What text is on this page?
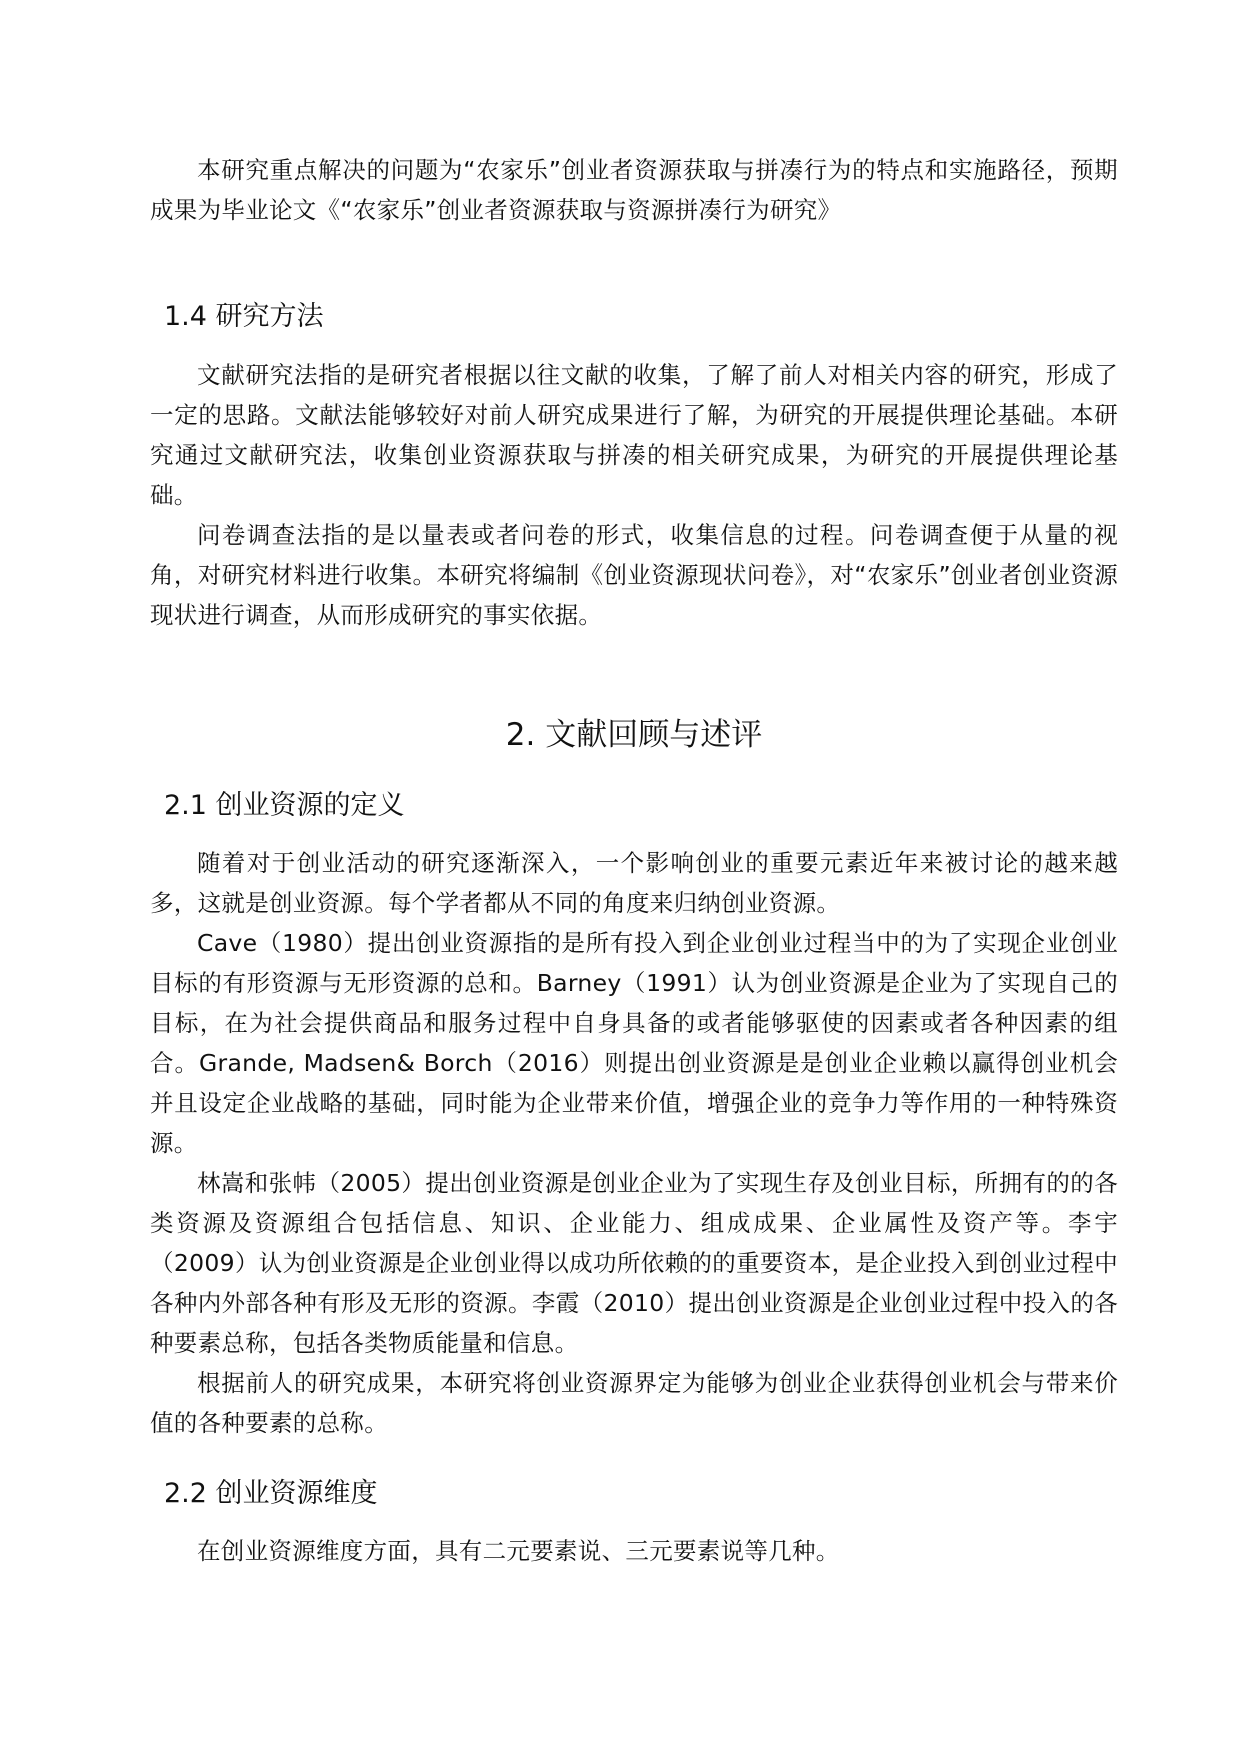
本研究重点解决的问题为“农家乐”创业者资源获取与拼凑行为的特点和实施路径，预期成果为毕业论文《“农家乐”创业者资源获取与资源拼凑行为研究》

1.4 研究方法

文献研究法指的是研究者根据以往文献的收集，了解了前人对相关内容的研究，形成了一定的思路。文献法能够较好对前人研究成果进行了解，为研究的开展提供理论基础。本研究通过文献研究法，收集创业资源获取与拼凑的相关研究成果，为研究的开展提供理论基础。

问卷调查法指的是以量表或者问卷的形式，收集信息的过程。问卷调查便于从量的视角，对研究材料进行收集。本研究将编制《创业资源现状问卷》，对“农家乐”创业者创业资源现状进行调查，从而形成研究的事实依据。

2. 文献回顾与述评
2.1 创业资源的定义

随着对于创业活动的研究逐渐深入，一个影响创业的重要元素近年来被讨论的越来越多，这就是创业资源。每个学者都从不同的角度来归纳创业资源。

Cave（1980）提出创业资源指的是所有投入到企业创业过程当中的为了实现企业创业目标的有形资源与无形资源的总和。Barney（1991）认为创业资源是企业为了实现自己的目标，在为社会提供商品和服务过程中自身具备的或者能够驱使的因素或者各种因素的组合。Grande, Madsen& Borch（2016）则提出创业资源是是创业企业赖以赢得创业机会并且设定企业战略的基础，同时能为企业带来价值，增强企业的竞争力等作用的一种特殊资源。

林嵩和张帏（2005）提出创业资源是创业企业为了实现生存及创业目标，所拥有的的各类资源及资源组合包括信息、知识、企业能力、组成成果、企业属性及资产等。李宇（2009）认为创业资源是企业创业得以成功所依赖的的重要资本，是企业投入到创业过程中各种内外部各种有形及无形的资源。李霞（2010）提出创业资源是企业创业过程中投入的各种要素总称，包括各类物质能量和信息。

根据前人的研究成果，本研究将创业资源界定为能够为创业企业获得创业机会与带来价值的各种要素的总称。

2.2 创业资源维度

在创业资源维度方面，具有二元要素说、三元要素说等几种。
